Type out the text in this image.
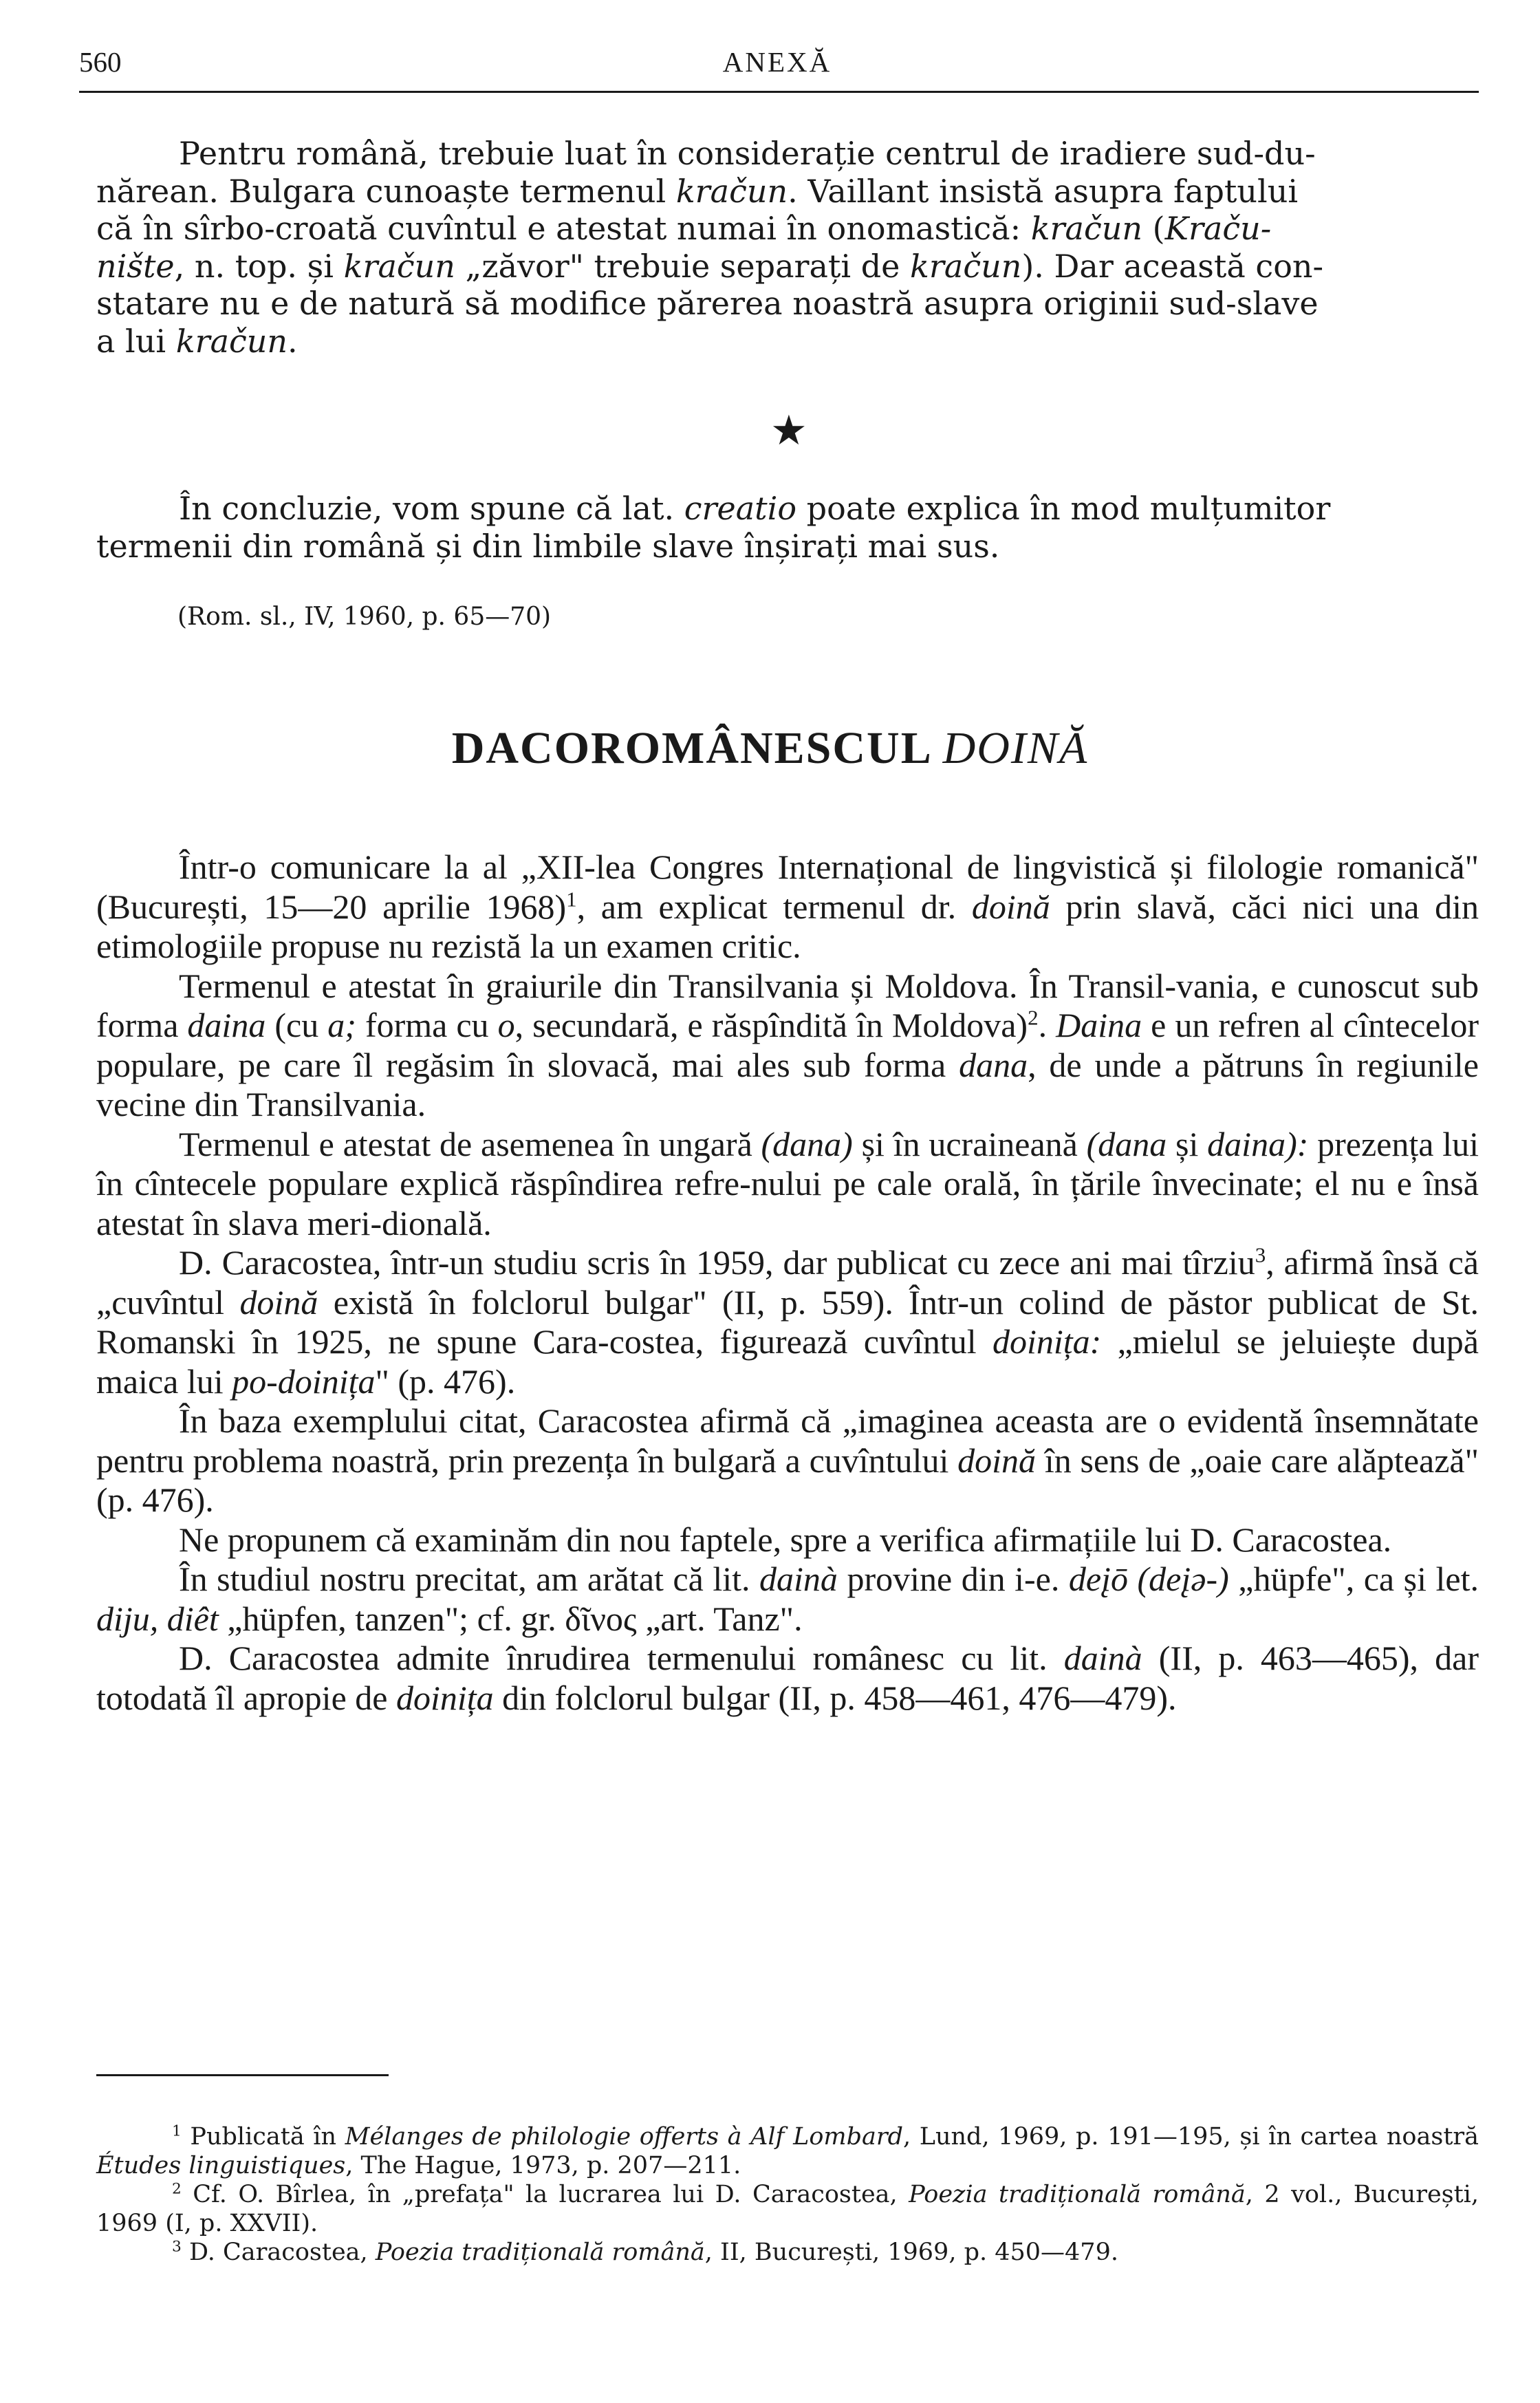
560	ANEXĂ

Pentru română, trebuie luat în considerație centrul de iradiere sud-du-
nărean. Bulgara cunoaște termenul kračun. Vaillant insistă asupra faptului
că în sîrbo-croată cuvîntul e atestat numai în onomastică: kračun (Kraču-
nište, n. top. și kračun „zăvor" trebuie separați de kračun). Dar această con-
statare nu e de natură să modifice părerea noastră asupra originii sud-slave
a lui kračun.

★

În concluzie, vom spune că lat. creatio poate explica în mod mulțumitor
termenii din română și din limbile slave înșirați mai sus.

(Rom. sl., IV, 1960, p. 65—70)
DACOROMÂNESCUL DOINĂ

Într-o comunicare la al „XII-lea Congres Internațional de lingvistică și filologie romanică" (București, 15—20 aprilie 1968)$^1$, am explicat termenul dr. doină prin slavă, căci nici una din etimologiile propuse nu rezistă la un examen critic.

Termenul e atestat în graiurile din Transilvania și Moldova. În Transil-vania, e cunoscut sub forma daina (cu a; forma cu o, secundară, e răspîndită în Moldova)$^2$. Daina e un refren al cîntecelor populare, pe care îl regăsim în slovacă, mai ales sub forma dana, de unde a pătruns în regiunile vecine din Transilvania.

Termenul e atestat de asemenea în ungară (dana) și în ucraineană (dana și daina): prezența lui în cîntecele populare explică răspîndirea refre-nului pe cale orală, în țările învecinate; el nu e însă atestat în slava meri-dională.

D. Caracostea, într-un studiu scris în 1959, dar publicat cu zece ani mai tîrziu$^3$, afirmă însă că „cuvîntul doină există în folclorul bulgar" (II, p. 559). Într-un colind de păstor publicat de St. Romanski în 1925, ne spune Cara-costea, figurează cuvîntul doinița: „mielul se jeluiește după maica lui po-doinița" (p. 476).

În baza exemplului citat, Caracostea afirmă că „imaginea aceasta are o evidentă însemnătate pentru problema noastră, prin prezența în bulgară a cuvîntului doină în sens de „oaie care alăptează" (p. 476).

Ne propunem că examinăm din nou faptele, spre a verifica afirmațiile lui D. Caracostea.

În studiul nostru precitat, am arătat că lit. dainà provine din i-e. deįō (deįə-) „hüpfe", ca și let. diju, diêt „hüpfen, tanzen"; cf. gr. δῖνος „art. Tanz".

D. Caracostea admite înrudirea termenului românesc cu lit. dainà (II, p. 463—465), dar totodată îl apropie de doinița din folclorul bulgar (II, p. 458—461, 476—479).

$^1$ Publicată în Mélanges de philologie offerts à Alf Lombard, Lund, 1969, p. 191—195, și în cartea noastră Études linguistiques, The Hague, 1973, p. 207—211.

$^2$ Cf. O. Bîrlea, în „prefața" la lucrarea lui D. Caracostea, Poezia tradițională română, 2 vol., București, 1969 (I, p. XXVII).

$^3$ D. Caracostea, Poezia tradițională română, II, București, 1969, p. 450—479.
